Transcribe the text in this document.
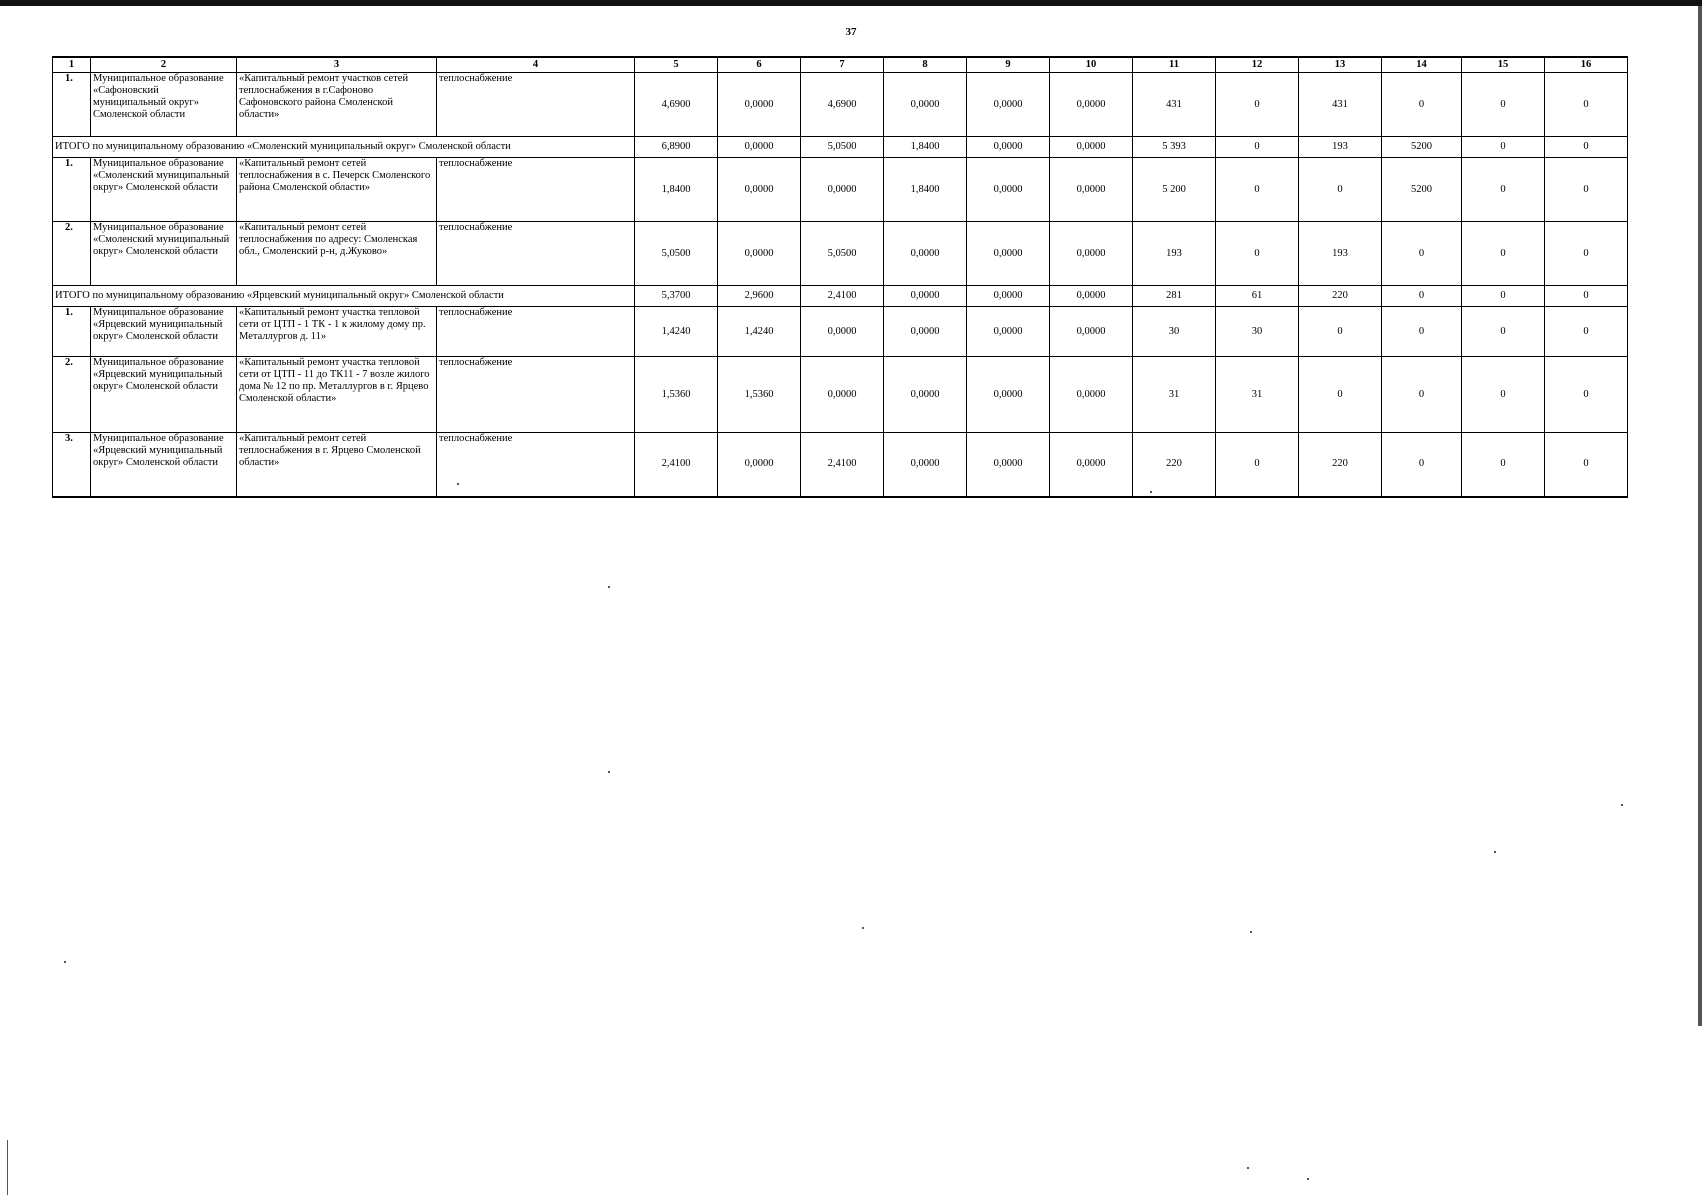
37
1	2	3	4	5	6	7	8	9	10	11	12	13	14	15	16
1.	Муниципальное образование «Сафоновский муниципальный округ» Смоленской области	«Капитальный ремонт участков сетей теплоснабжения в г.Сафоново Сафоновского района Смоленской области»	теплоснабжение	4,6900	0,0000	4,6900	0,0000	0,0000	0,0000	431	0	431	0	0	0
ИТОГО по муниципальному образованию «Смоленский муниципальный округ» Смоленской области				6,8900	0,0000	5,0500	1,8400	0,0000	0,0000	5 393	0	193	5200	0	0
1.	Муниципальное образование «Смоленский муниципальный округ» Смоленской области	«Капитальный ремонт сетей теплоснабжения в с. Печерск Смоленского района Смоленской области»	теплоснабжение	1,8400	0,0000	0,0000	1,8400	0,0000	0,0000	5 200	0	0	5200	0	0
2.	Муниципальное образование «Смоленский муниципальный округ» Смоленской области	«Капитальный ремонт сетей теплоснабжения по адресу: Смоленская обл., Смоленский р-н, д.Жуково»	теплоснабжение	5,0500	0,0000	5,0500	0,0000	0,0000	0,0000	193	0	193	0	0	0
ИТОГО по муниципальному образованию «Ярцевский муниципальный округ» Смоленской области				5,3700	2,9600	2,4100	0,0000	0,0000	0,0000	281	61	220	0	0	0
1.	Муниципальное образование «Ярцевский муниципальный округ» Смоленской области	«Капитальный ремонт участка тепловой сети от ЦТП - 1 ТК - 1 к жилому дому пр. Металлургов д. 11»	теплоснабжение	1,4240	1,4240	0,0000	0,0000	0,0000	0,0000	30	30	0	0	0	0
2.	Муниципальное образование «Ярцевский муниципальный округ» Смоленской области	«Капитальный ремонт участка тепловой сети от ЦТП - 11 до ТК11 - 7 возле жилого дома № 12 по пр. Металлургов в г. Ярцево Смоленской области»	теплоснабжение	1,5360	1,5360	0,0000	0,0000	0,0000	0,0000	31	31	0	0	0	0
3.	Муниципальное образование «Ярцевский муниципальный округ» Смоленской области	«Капитальный ремонт сетей теплоснабжения в г. Ярцево Смоленской области»	теплоснабжение	2,4100	0,0000	2,4100	0,0000	0,0000	0,0000	220	0	220	0	0	0
